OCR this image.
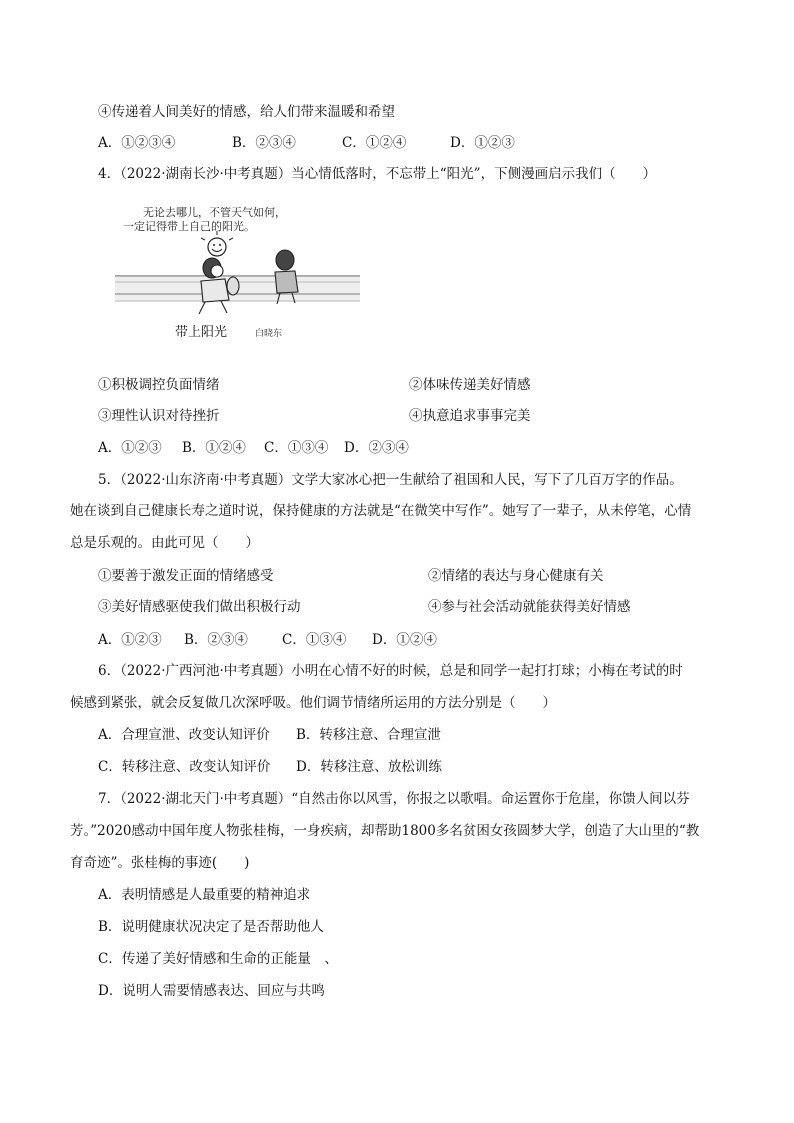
④传递着人间美好的情感，给人们带来温暖和希望
A．①②③④	B．②③④	C．①②④	D．①②③
4．（2022·湖南长沙·中考真题）当心情低落时，不忘带上“阳光”，下侧漫画启示我们（　　）
无论去哪儿，不管天气如何，
一定记得带上自己的阳光。
带上阳光	白晓东
①积极调控负面情绪	②体味传递美好情感
③理性认识对待挫折	④执意追求事事完美
A．①②③ B．①②④ C．①③④ D．②③④
5．（2022·山东济南·中考真题）文学大家冰心把一生献给了祖国和人民，写下了几百万字的作品。
她在谈到自己健康长寿之道时说，保持健康的方法就是“在微笑中写作”。她写了一辈子，从未停笔，心情
总是乐观的。由此可见（　　）
①要善于激发正面的情绪感受	②情绪的表达与身心健康有关
③美好情感驱使我们做出积极行动	④参与社会活动就能获得美好情感
A．①②③ B．②③④	C．①③④ D．①②④
6．（2022·广西河池·中考真题）小明在心情不好的时候，总是和同学一起打打球；小梅在考试的时
候感到紧张，就会反复做几次深呼吸。他们调节情绪所运用的方法分别是（　　）
A．合理宣泄、改变认知评价 B．转移注意、合理宣泄
C．转移注意、改变认知评价 D．转移注意、放松训练
7．（2022·湖北天门·中考真题）“自然击你以风雪，你报之以歌唱。命运置你于危崖，你馈人间以芬
芳。”2020感动中国年度人物张桂梅，一身疾病，却帮助1800多名贫困女孩圆梦大学，创造了大山里的“教
育奇迹”。张桂梅的事迹(　　)
A．表明情感是人最重要的精神追求
B．说明健康状况决定了是否帮助他人
C．传递了美好情感和生命的正能量　、
D．说明人需要情感表达、回应与共鸣
